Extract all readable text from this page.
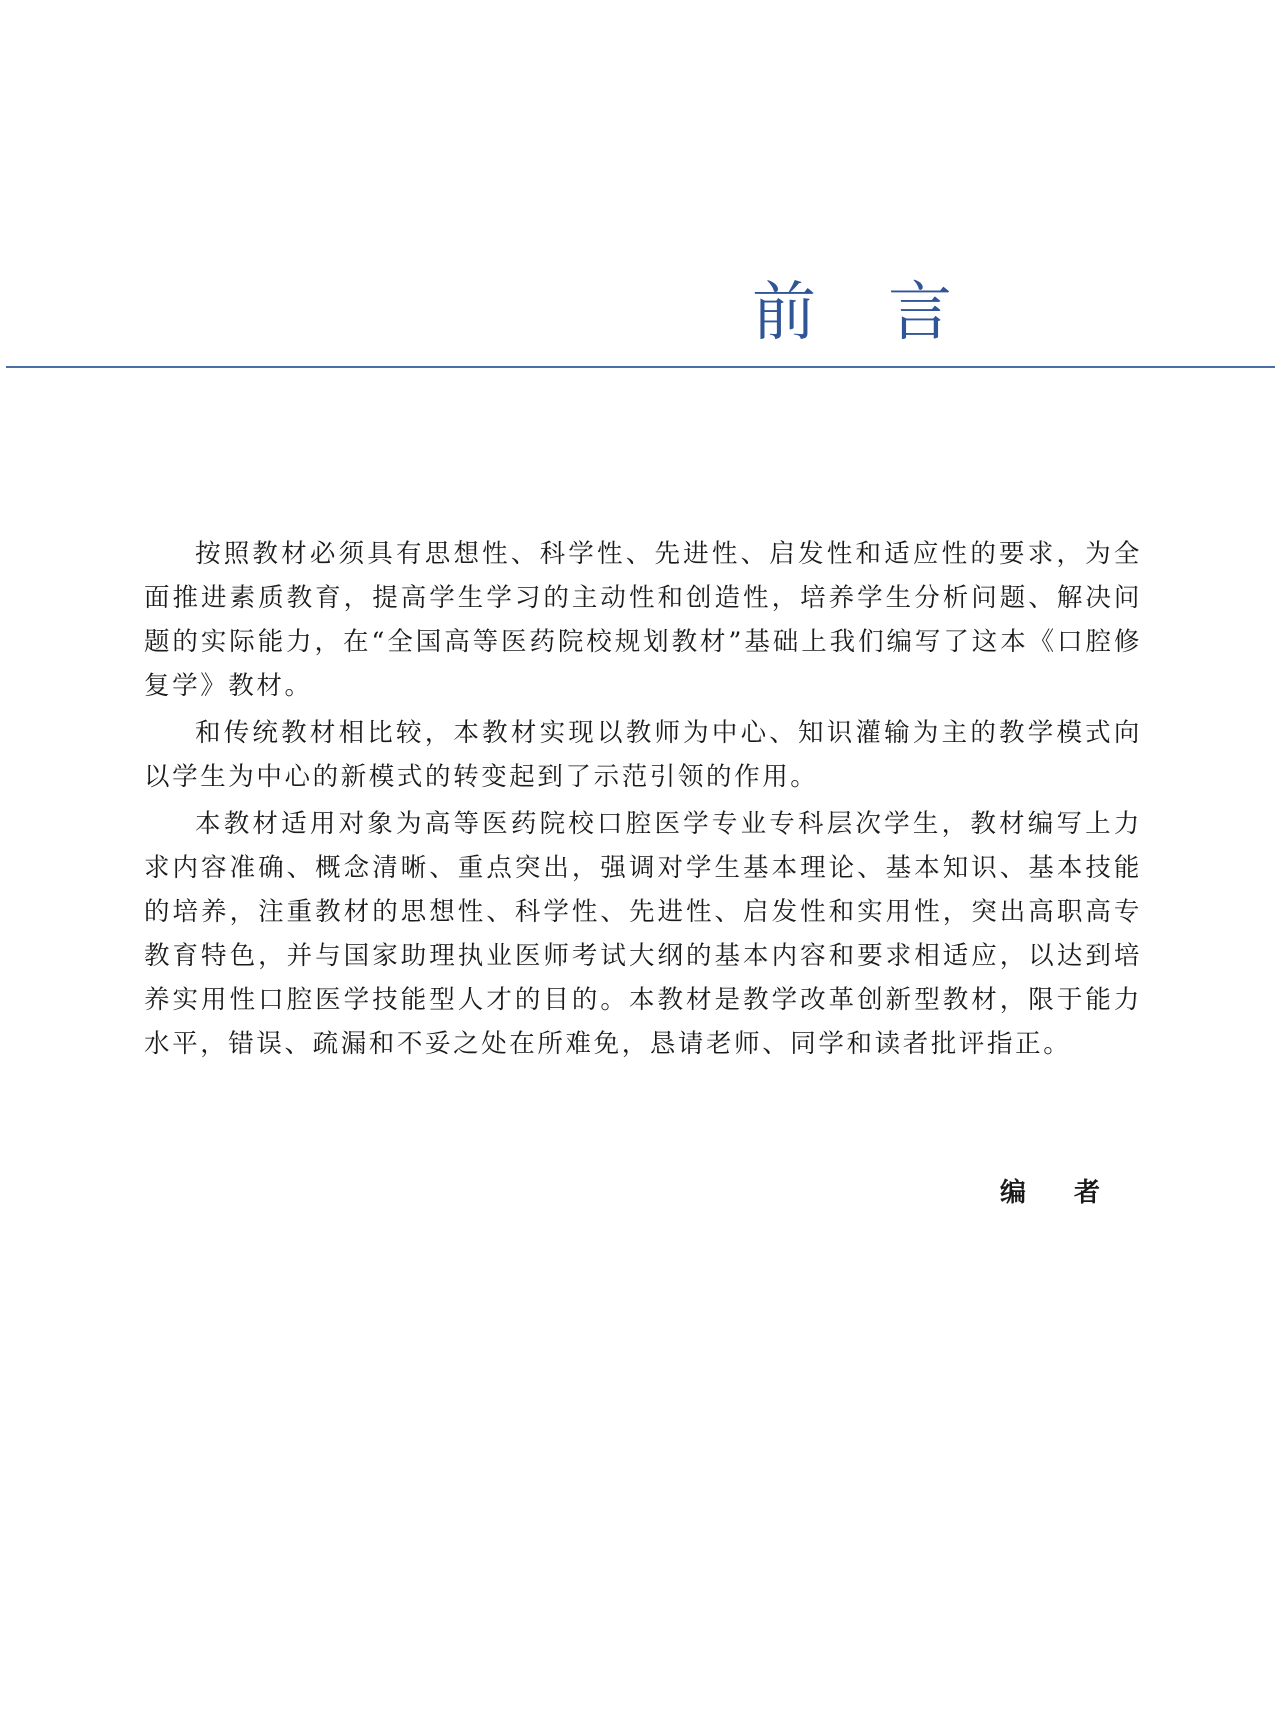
前 言

按照教材必须具有思想性、科学性、先进性、启发性和适应性的要求，为全面推进素质教育，提高学生学习的主动性和创造性，培养学生分析问题、解决问题的实际能力，在“全国高等医药院校规划教材”基础上我们编写了这本《口腔修复学》教材。

和传统教材相比较，本教材实现以教师为中心、知识灌输为主的教学模式向以学生为中心的新模式的转变起到了示范引领的作用。

本教材适用对象为高等医药院校口腔医学专业专科层次学生，教材编写上力求内容准确、概念清晰、重点突出，强调对学生基本理论、基本知识、基本技能的培养，注重教材的思想性、科学性、先进性、启发性和实用性，突出高职高专教育特色，并与国家助理执业医师考试大纲的基本内容和要求相适应，以达到培养实用性口腔医学技能型人才的目的。本教材是教学改革创新型教材，限于能力水平，错误、疏漏和不妥之处在所难免，恳请老师、同学和读者批评指正。

编 者
